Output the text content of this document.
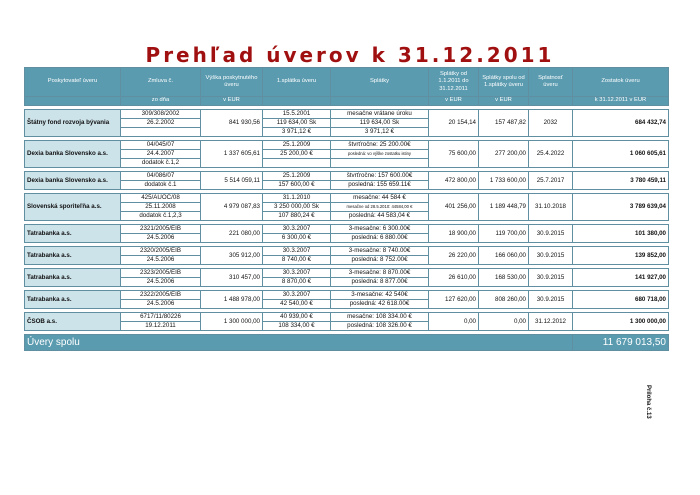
Prehľad úverov k 31.12.2011
Poskytovateľ úveru	Zmluva č.	Výška poskytnutého úveru	1.splátka úveru	Splátky	Splátky od 1.1.2011 do 31.12.2011	Splátky spolu od 1.splátky úveru	Splatnosť úveru	Zostatok úveru
	zo dňa	v EUR			v EUR	v EUR		k 31.12.2011 v EUR

Štátny fond rozvoja bývania	309/308/2002	841 930,56	15.5.2001	mesačne vrátane úroku	20 154,14	157 487,82	2032	684 432,74
	26.2.2002		119 634,00 Sk	119 634,00 Sk				
			3 971,12 €	3 971,12 €				

Dexia banka Slovensko a.s.	04/045/07	1 337 605,61	25.1.2009	štvrťročne: 25 200.00€	75 600,00	277 200,00	25.4.2022	1 060 605,61
	24.4.2007		25 200,00 €	posledná: vo výške zostatku istiny				
	dodatok č.1,2							

Dexia banka Slovensko a.s.	04/086/07	5 514 059,11	25.1.2009	štvrťročne: 157 600.00€	472 800,00	1 733 600,00	25.7.2017	3 780 459,11
	dodatok č.1		157 600,00 €	posledná: 155 659.11€				

Slovenská sporiteľňa a.s.	425/AUOC/08	4 979 087,83	31.1.2010	mesačne: 44 584 €	401 256,00	1 189 448,79	31.10.2018	3 789 639,04
	25.11.2008		3 250 000,00 Sk	mesačne od 28.5.2010: 44584,00 €				
	dodatok č.1,2,3		107 880,24 €	posledná: 44 583,04 €				

Tatrabanka a.s.	2321/2005/EIB	221 080,00	30.3.2007	3-mesačne: 6 300.00€	18 900,00	119 700,00	30.9.2015	101 380,00
	24.5.2006		6 300,00 €	posledná: 6 880.00€				

Tatrabanka a.s.	2320/2005/EIB	305 912,00	30.3.2007	3-mesačne: 8 740.00€	26 220,00	166 060,00	30.9.2015	139 852,00
	24.5.2006		8 740,00 €	posledná: 8 752.00€				

Tatrabanka a.s.	2323/2005/EIB	310 457,00	30.3.2007	3-mesačne: 8 870.00€	26 610,00	168 530,00	30.9.2015	141 927,00
	24.5.2006		8 870,00 €	posledná: 8 877.00€				

Tatrabanka a.s.	2322/2005/EIB	1 488 978,00	30.3.2007	3-mesačne: 42 540€	127 620,00	808 260,00	30.9.2015	680 718,00
	24.5.2006		42 540,00 €	posledná: 42 618.00€				

ČSOB a.s.	6717/11/80226	1 300 000,00	40 939,00 €	mesačne: 108 334.00 €	0,00	0,00	31.12.2012	1 300 000,00
	19.12.2011		108 334,00 €	posledná: 108 326.00 €				

Úvery spolu								11 679 013,50
Príloha č.13
